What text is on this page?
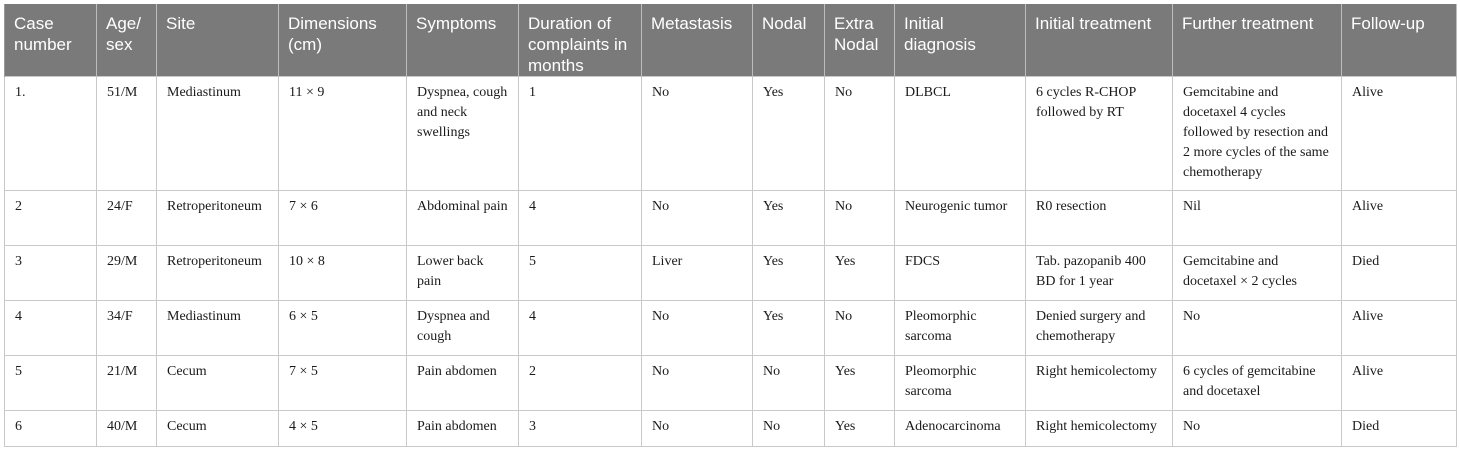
Case number	Age/ sex	Site	Dimensions (cm)	Symptoms	Duration of complaints in months	Metastasis	Nodal	Extra Nodal	Initial diagnosis	Initial treatment	Further treatment	Follow-up
1.	51/M	Mediastinum	11 × 9	Dyspnea, cough and neck swellings	1	No	Yes	No	DLBCL	6 cycles R-CHOP followed by RT	Gemcitabine and docetaxel 4 cycles followed by resection and 2 more cycles of the same chemotherapy	Alive
2	24/F	Retroperitoneum	7 × 6	Abdominal pain	4	No	Yes	No	Neurogenic tumor	R0 resection	Nil	Alive
3	29/M	Retroperitoneum	10 × 8	Lower back pain	5	Liver	Yes	Yes	FDCS	Tab. pazopanib 400 BD for 1 year	Gemcitabine and docetaxel × 2 cycles	Died
4	34/F	Mediastinum	6 × 5	Dyspnea and cough	4	No	Yes	No	Pleomorphic sarcoma	Denied surgery and chemotherapy	No	Alive
5	21/M	Cecum	7 × 5	Pain abdomen	2	No	No	Yes	Pleomorphic sarcoma	Right hemicolectomy	6 cycles of gemcitabine and docetaxel	Alive
6	40/M	Cecum	4 × 5	Pain abdomen	3	No	No	Yes	Adenocarcinoma	Right hemicolectomy	No	Died
